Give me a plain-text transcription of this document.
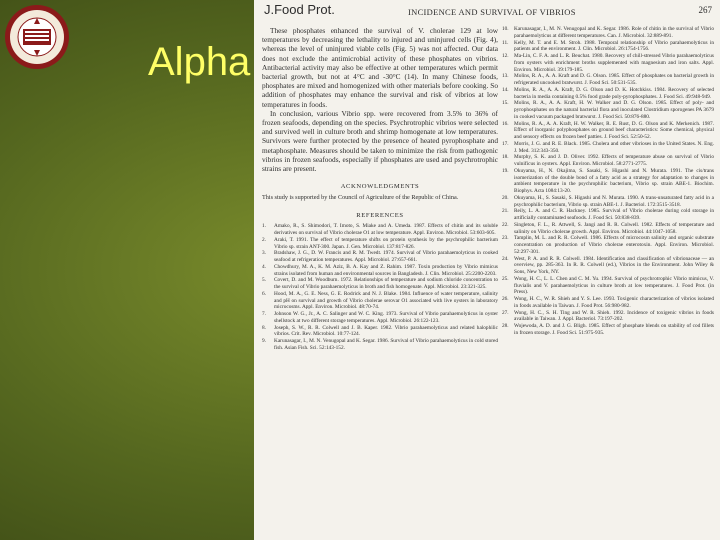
Alpha
J.Food Prot.	INCIDENCE AND SURVIVAL OF VIBRIOS	267

These phosphates enhanced the survival of V. cholerae 129 at low temperatures by decreasing the lethality to injured and uninjured cells (Fig. 4), whereas the level of uninjured viable cells (Fig. 5) was not affected. Our data does not exclude the antimicrobial activity of these phosphates on vibrios. Antibacterial activity may also be effective at other temperatures which permit bacterial growth, but not at 4°C and -30°C (14). In many Chinese foods, phosphates are mixed and homogenized with other materials before cooking. So addition of phosphates may enhance the survival and risk of vibrios at low temperatures in foods.

In conclusion, various Vibrio spp. were recovered from 3.5% to 36% of frozen seafoods, depending on the species. Psychrotrophic vibrios were selected and survived well in culture broth and shrimp homogenate at low temperatures. Survivors were further protected by the presence of heated pyrophosphate and metaphosphate. Measures should be taken to minimize the risk from pathogenic vibrios in frozen seafoods, especially if phosphates are used and psychrotrophic strains are present.

ACKNOWLEDGMENTS

This study is supported by the Council of Agriculture of the Republic of China.

REFERENCES
1. Amako, R., S. Shimodori, T. Imoto, S. Miake and A. Umeda. 1987. Effects of chitin and its soluble derivatives on survival of Vibrio cholerae O1 at low temperature. Appl. Environ. Microbiol. 53:603-605.
2. Araki, T. 1991. The effect of temperature shifts on protein synthesis by the psychrophilic bacterium Vibrio sp. strain ANT-300. Japan. J. Gen. Microbiol. 137:817-826.
3. Bradshaw, J. G., D. W. Francis and R. M. Twedt. 1974. Survival of Vibrio parahaemolyticus in cooked seafood at refrigeration temperatures. Appl. Microbiol. 27:657-661.
4. Chowdhury, M. A., K. M. Aziz, B. A. Kay and Z. Rahim. 1987. Toxin production by Vibrio mimicus strains isolated from human and environmental sources in Bangladesh. J. Clin. Microbiol. 25:2200-2203.
5. Covert, D. and M. Woodburn. 1972. Relationships of temperature and sodium chloride concentration to the survival of Vibrio parahaemolyticus in broth and fish homogenate. Appl. Microbiol. 23:321-325.
6. Hood, M. A., G. E. Ness, G. E. Rodrick and N. J. Blake. 1984. Influence of water temperature, salinity and pH on survival and growth of Vibrio cholerae serovar O1 associated with live oysters in laboratory microcosms. Appl. Environ. Microbiol. 48:70-74.
7. Johnson W. G., Jr., A. C. Salinger and W. C. King. 1973. Survival of Vibrio parahaemolyticus in oyster shellstock at two different storage temperatures. Appl. Microbiol. 26:122-123.
8. Joseph, S. W., R. R. Colwell and J. B. Kaper. 1982. Vibrio parahaemolyticus and related halophilic vibrios. Crit. Rev. Microbiol. 10:77-124.
9. Karunasagar, I., M. N. Venugopal and K. Segar. 1986. Survival of Vibrio parahaemolyticus in cold stored fish. Asian Fish. Sci. 52:143-152.
10. Karunasagar, I., M. N. Venugopal and K. Segar. 1986. Role of chitin in the survival of Vibrio parahaemolyticus at different temperatures. Can. J. Microbiol. 32:889-891.
11. Kelly, M. T. and E. M. Stroh. 1988. Temporal relationship of Vibrio parahaemolyticus in patients and the environment. J. Clin. Microbiol. 26:1754-1756.
12. Ma-Lin, C. F. A. and L. R. Beuchat. 1980. Recovery of chill-stressed Vibrio parahaemolyticus from oysters with enrichment broths supplemented with magnesium and iron salts. Appl. Environ. Microbiol. 39:179-185.
13. Molins, R. A., A. A. Kraft and D. G. Olson. 1985. Effect of phosphates on bacterial growth in refrigerated uncooked bratwurst. J. Food Sci. 50:531-535.
14. Molins, R. A., A. A. Kraft, D. G. Olson and D. K. Hotchkiss. 1984. Recovery of selected bacteria in media containing 0.5% food grade poly-pyrophosphates. J. Food Sci. 49:948-949.
15. Molins, R. A., A. A. Kraft, H. W. Walker and D. G. Olson. 1985. Effect of poly- and pyrophosphates on the natural bacterial flora and inoculated Clostridium sporogenes PA 3679 in cooked vacuum packaged bratwurst. J. Food Sci. 50:876-880.
16. Molins, R. A., A. A. Kraft, H. W. Walker, R. E. Rust, D. G. Olson and K. Merkenich. 1987. Effect of inorganic polyphosphates on ground beef characteristics: Some chemical, physical and sensory effects on frozen beef patties. J. Food Sci. 52:50-52.
17. Morris, J. G. and R. E. Black. 1985. Cholera and other vibrioses in the United States. N. Eng. J. Med. 312:343-350.
18. Murphy, S. K. and J. D. Oliver. 1992. Effects of temperature abuse on survival of Vibrio vulnificus in oysters. Appl. Environ. Microbiol. 58:2771-2775.
19. Okuyama, H., N. Okajima, S. Sasaki, S. Higashi and N. Murata. 1991. The cis/trans isomerization of the double bond of a fatty acid as a strategy for adaptation to changes in ambient temperature in the psychrophilic bacterium, Vibrio sp. strain ABE-1. Biochim. Biophys. Acta 1084:13-20.
20. Okuyama, H., S. Sasaki, S. Higashi and N. Murata. 1990. A trans-unsaturated fatty acid in a psychrophilic bacterium, Vibrio sp. strain ABE-1. J. Bacteriol. 172:3515-3518.
21. Reily, L. A. and C. R. Hackney. 1985. Survival of Vibrio cholerae during cold storage in artificially contaminated seafoods. J. Food Sci. 50:838-839.
22. Singleton, F. L., R. Attwell, S. Jangi and R. R. Colwell. 1982. Effects of temperature and salinity on Vibrio cholerae growth. Appl. Environ. Microbiol. 44:1047-1058.
23. Tamplin, M. L. and R. R. Colwell. 1986. Effects of microcosm salinity and organic substrate concentration on production of Vibrio cholerae enterotoxin. Appl. Environ. Microbiol. 52:297-301.
24. West, P. A. and R. R. Colwell. 1984. Identification and classification of vibrionaceae — an overview, pp. 285-363. In R. R. Colwell (ed.), Vibrios in the Environment. John Wiley & Sons, New York, NY.
25. Wong, H. C., L. L. Chen and C. M. Yu. 1994. Survival of psychrotrophic Vibrio mimicus, V. fluvialis and V. parahaemolyticus in culture broth at low temperatures. J. Food Prot. (in Press).
26. Wong, H. C., W. R. Shieh and Y. S. Lee. 1993. Toxigenic characterization of vibrios isolated in foods available in Taiwan. J. Food Prot. 56:980-982.
27. Wong, H. C., S. H. Ting and W. R. Shieh. 1992. Incidence of toxigenic vibrios in foods available in Taiwan. J. Appl. Bacteriol. 73:197-202.
28. Wojewoda, A. D. and J. G. Bligh. 1985. Effect of phosphate blends on stability of cod fillets in frozen storage. J. Food Sci. 51:975-935.
